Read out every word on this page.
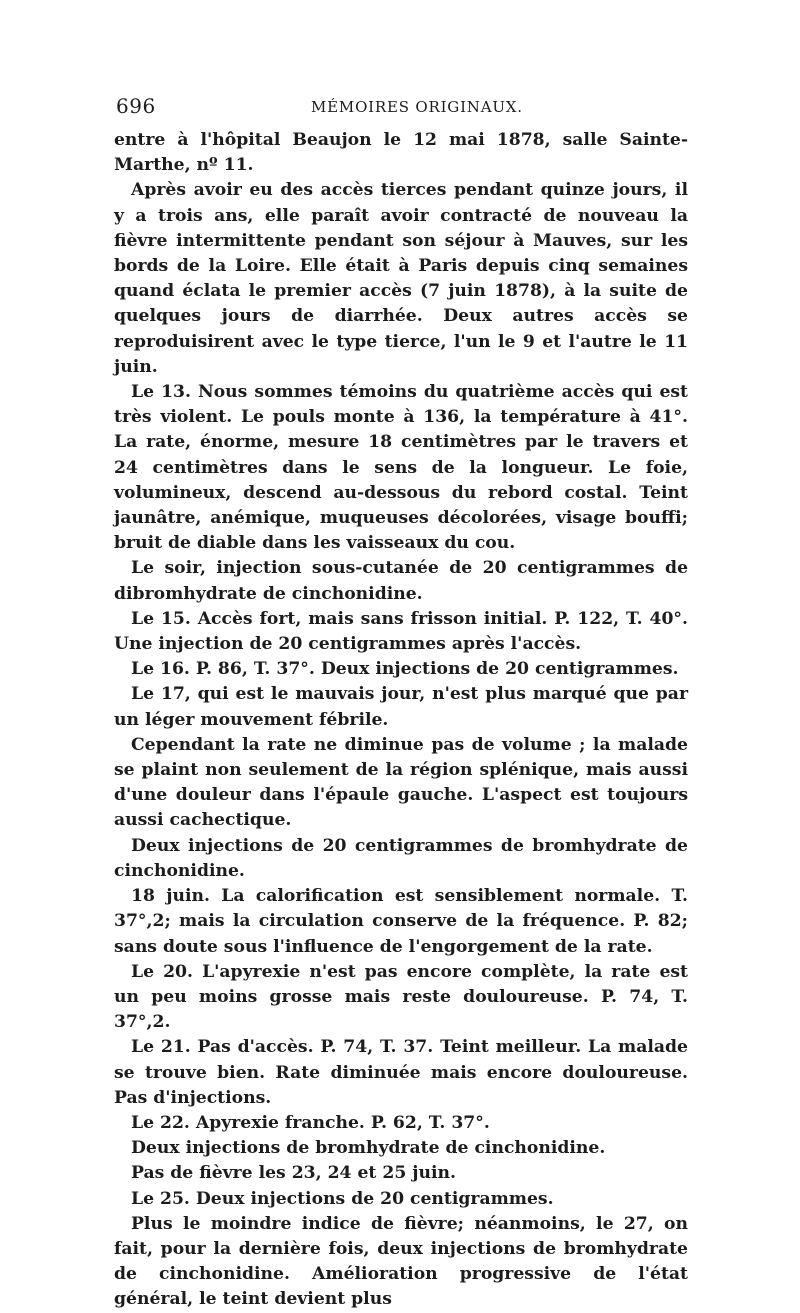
696	MÉMOIRES ORIGINAUX.

entre à l'hôpital Beaujon le 12 mai 1878, salle Sainte-Marthe, nº 11.

Après avoir eu des accès tierces pendant quinze jours, il y a trois ans, elle paraît avoir contracté de nouveau la fièvre intermittente pendant son séjour à Mauves, sur les bords de la Loire. Elle était à Paris depuis cinq semaines quand éclata le premier accès (7 juin 1878), à la suite de quelques jours de diarrhée. Deux autres accès se reproduisirent avec le type tierce, l'un le 9 et l'autre le 11 juin.

Le 13. Nous sommes témoins du quatrième accès qui est très violent. Le pouls monte à 136, la température à 41°. La rate, énorme, mesure 18 centimètres par le travers et 24 centimètres dans le sens de la longueur. Le foie, volumineux, descend au-dessous du rebord costal. Teint jaunâtre, anémique, muqueuses décolorées, visage bouffi; bruit de diable dans les vaisseaux du cou.

Le soir, injection sous-cutanée de 20 centigrammes de dibromhydrate de cinchonidine.

Le 15. Accès fort, mais sans frisson initial. P. 122, T. 40°. Une injection de 20 centigrammes après l'accès.

Le 16. P. 86, T. 37°. Deux injections de 20 centigrammes.

Le 17, qui est le mauvais jour, n'est plus marqué que par un léger mouvement fébrile.

Cependant la rate ne diminue pas de volume ; la malade se plaint non seulement de la région splénique, mais aussi d'une douleur dans l'épaule gauche. L'aspect est toujours aussi cachectique.

Deux injections de 20 centigrammes de bromhydrate de cinchonidine.

18 juin. La calorification est sensiblement normale. T. 37°,2; mais la circulation conserve de la fréquence. P. 82; sans doute sous l'influence de l'engorgement de la rate.

Le 20. L'apyrexie n'est pas encore complète, la rate est un peu moins grosse mais reste douloureuse. P. 74, T. 37°,2.

Le 21. Pas d'accès. P. 74, T. 37. Teint meilleur. La malade se trouve bien. Rate diminuée mais encore douloureuse. Pas d'injections.

Le 22. Apyrexie franche. P. 62, T. 37°.

Deux injections de bromhydrate de cinchonidine.

Pas de fièvre les 23, 24 et 25 juin.

Le 25. Deux injections de 20 centigrammes.

Plus le moindre indice de fièvre; néanmoins, le 27, on fait, pour la dernière fois, deux injections de bromhydrate de cinchonidine. Amélioration progressive de l'état général, le teint devient plus
